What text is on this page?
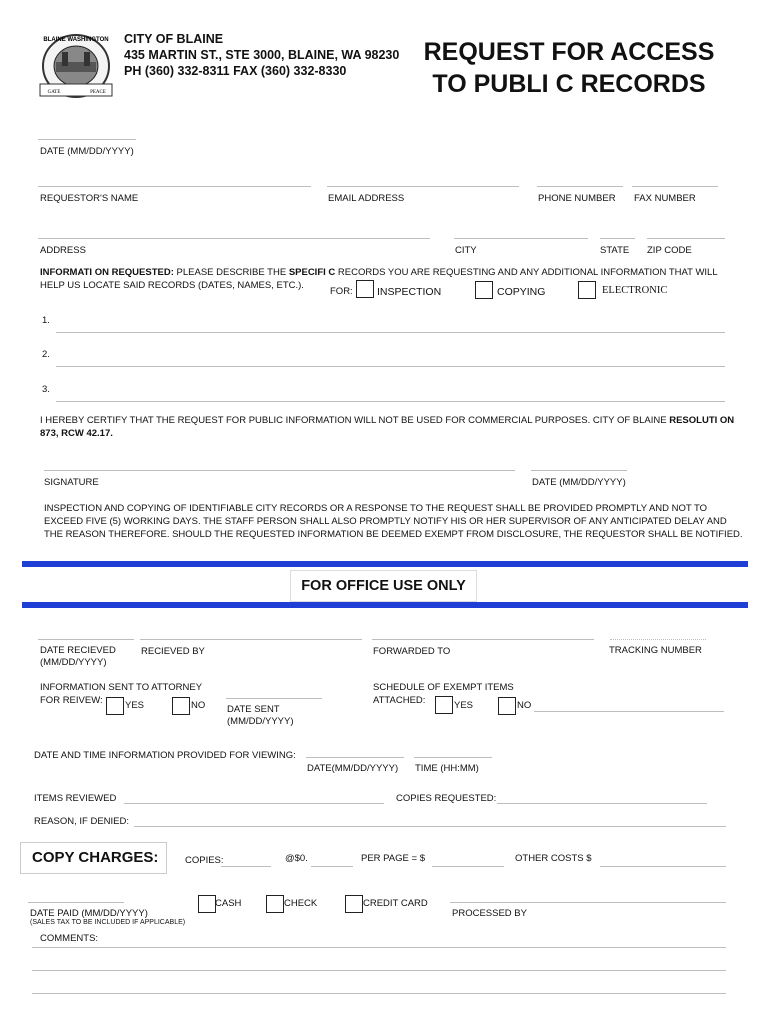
BLAINE WASHINGTON
GATE	PEACE
CITY OF BLAINE
435 MARTIN ST., STE 3000, BLAINE, WA 98230
PH (360) 332-8311 FAX (360) 332-8330
REQUEST FOR ACCESS
TO PUBLI C RECORDS
DATE (MM/DD/YYYY)
REQUESTOR'S NAME	EMAIL ADDRESS	PHONE NUMBER FAX NUMBER
ADDRESS	CITY	STATE ZIP CODE
INFORMATI ON REQUESTED: PLEASE DESCRIBE THE SPECIFI C RECORDS YOU ARE REQUESTING AND ANY ADDITIONAL INFORMATION THAT WILL
HELP US LOCATE SAID RECORDS (DATES, NAMES, ETC.).
FOR: INSPECTION	COPYING	ELECTRONIC
1.
2.
3.
I HEREBY CERTIFY THAT THE REQUEST FOR PUBLIC INFORMATION WILL NOT BE USED FOR COMMERCIAL PURPOSES. CITY OF BLAINE RESOLUTI ON
873, RCW 42.17.
SIGNATURE	DATE (MM/DD/YYYY)
INSPECTION AND COPYING OF IDENTIFIABLE CITY RECORDS OR A RESPONSE TO THE REQUEST SHALL BE PROVIDED PROMPTLY AND NOT TO
EXCEED FIVE (5) WORKING DAYS. THE STAFF PERSON SHALL ALSO PROMPTLY NOTIFY HIS OR HER SUPERVISOR OF ANY ANTICIPATED DELAY AND
THE REASON THEREFORE. SHOULD THE REQUESTED INFORMATION BE DEEMED EXEMPT FROM DISCLOSURE, THE REQUESTOR SHALL BE NOTIFIED.
FOR OFFICE USE ONLY
DATE RECIEVED
(MM/DD/YYYY)
RECIEVED BY	FORWARDED TO	TRACKING NUMBER
INFORMATION SENT TO ATTORNEY
FOR REIVEW: YES	NO DATE SENT
(MM/DD/YYYY)
SCHEDULE OF EXEMPT ITEMS
ATTACHED:	YES	NO
DATE AND TIME INFORMATION PROVIDED FOR VIEWING:
DATE(MM/DD/YYYY) TIME (HH:MM)
ITEMS REVIEWED	COPIES REQUESTED:
REASON, IF DENIED:
COPY CHARGES:	COPIES:	@$0.	PER PAGE = $	OTHER COSTS $
CASH	CHECK	CREDIT CARD
DATE PAID (MM/DD/YYYY)
(SALES TAX TO BE INCLUDED IF APPLICABLE)
PROCESSED BY
COMMENTS:
